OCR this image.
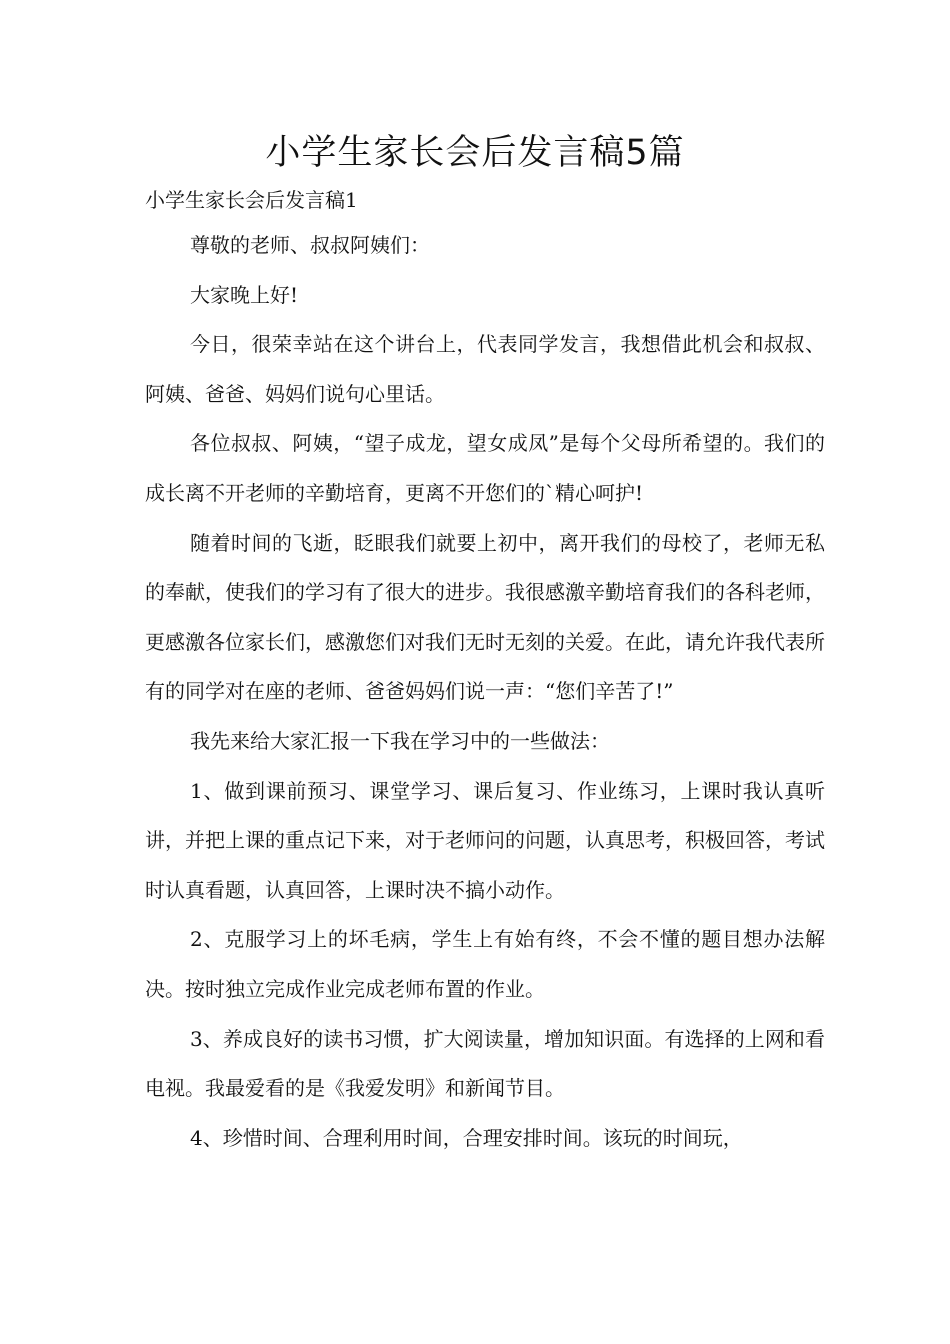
小学生家长会后发言稿5篇

小学生家长会后发言稿1

尊敬的老师、叔叔阿姨们：

大家晚上好!

今日，很荣幸站在这个讲台上，代表同学发言，我想借此机会和叔叔、阿姨、爸爸、妈妈们说句心里话。

各位叔叔、阿姨，“望子成龙，望女成凤”是每个父母所希望的。我们的成长离不开老师的辛勤培育，更离不开您们的`精心呵护!

随着时间的飞逝，眨眼我们就要上初中，离开我们的母校了，老师无私的奉献，使我们的学习有了很大的进步。我很感激辛勤培育我们的各科老师，更感激各位家长们，感激您们对我们无时无刻的关爱。在此，请允许我代表所有的同学对在座的老师、爸爸妈妈们说一声：“您们辛苦了!”

我先来给大家汇报一下我在学习中的一些做法：

1、做到课前预习、课堂学习、课后复习、作业练习，上课时我认真听讲，并把上课的重点记下来，对于老师问的问题，认真思考，积极回答，考试时认真看题，认真回答，上课时决不搞小动作。

2、克服学习上的坏毛病，学生上有始有终，不会不懂的题目想办法解决。按时独立完成作业完成老师布置的作业。

3、养成良好的读书习惯，扩大阅读量，增加知识面。有选择的上网和看电视。我最爱看的是《我爱发明》和新闻节目。

4、珍惜时间、合理利用时间，合理安排时间。该玩的时间玩，
